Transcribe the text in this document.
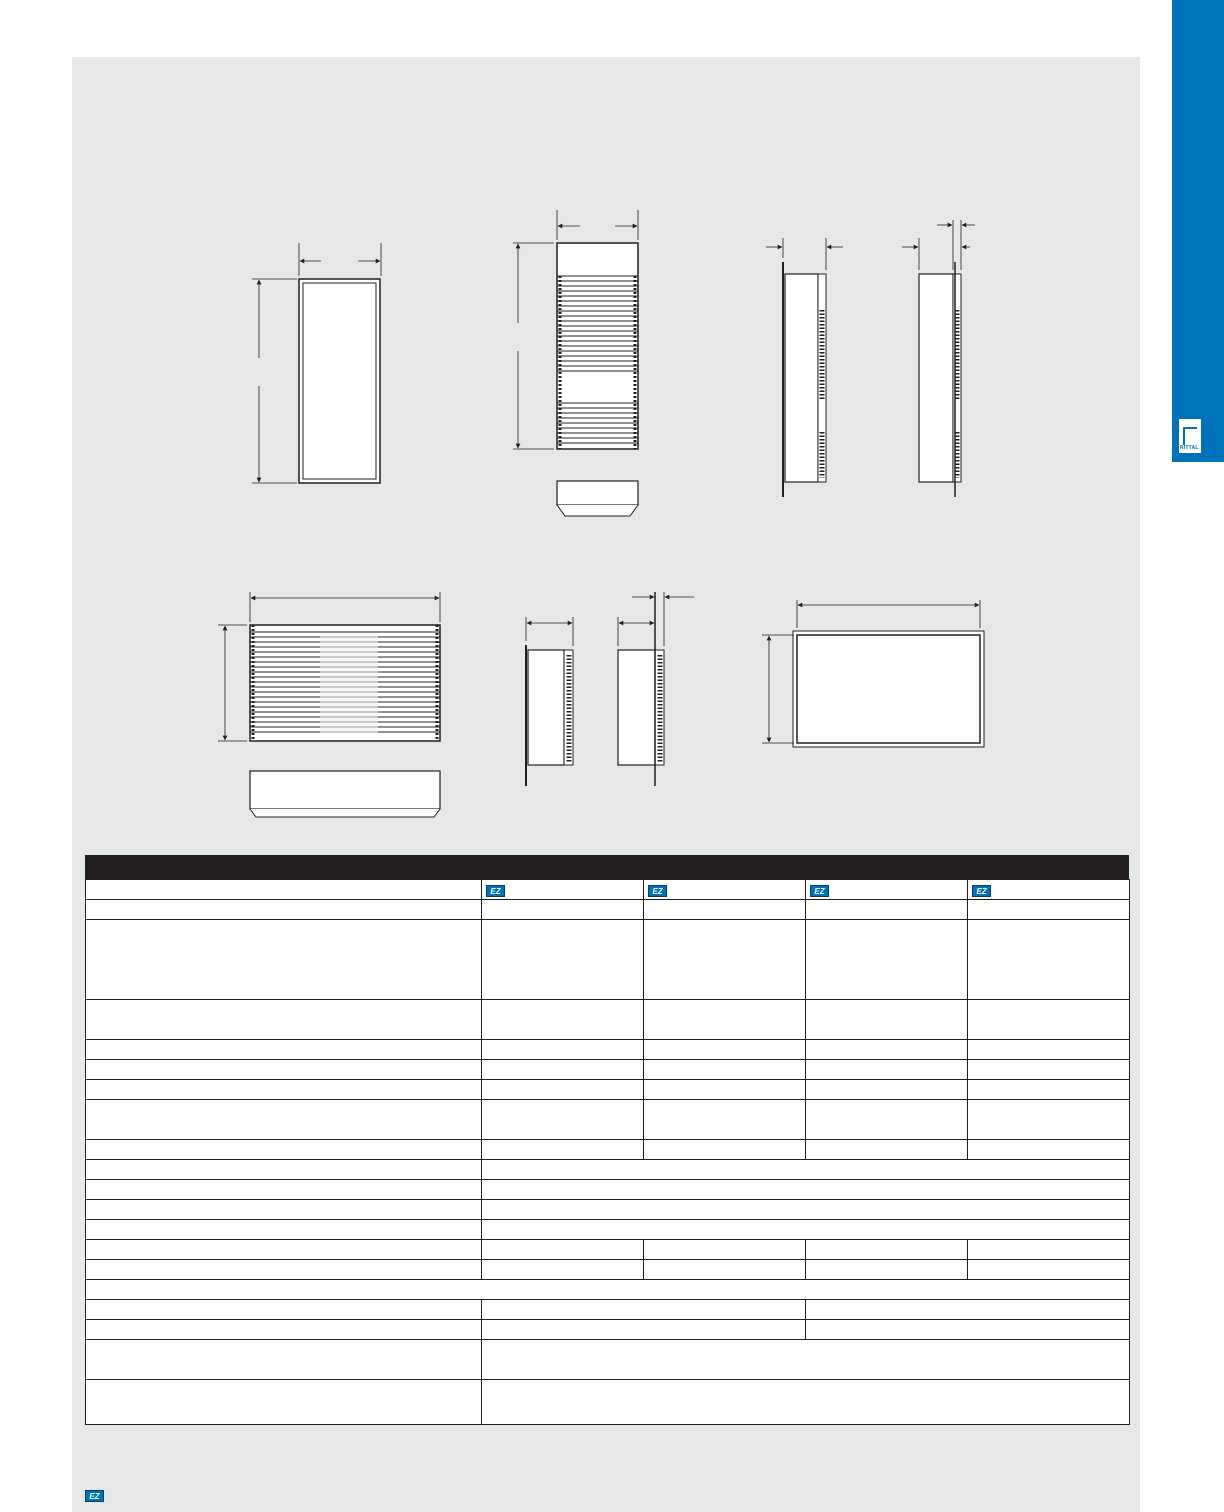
RITTAL
	EZ	EZ	EZ	EZ

EZ
